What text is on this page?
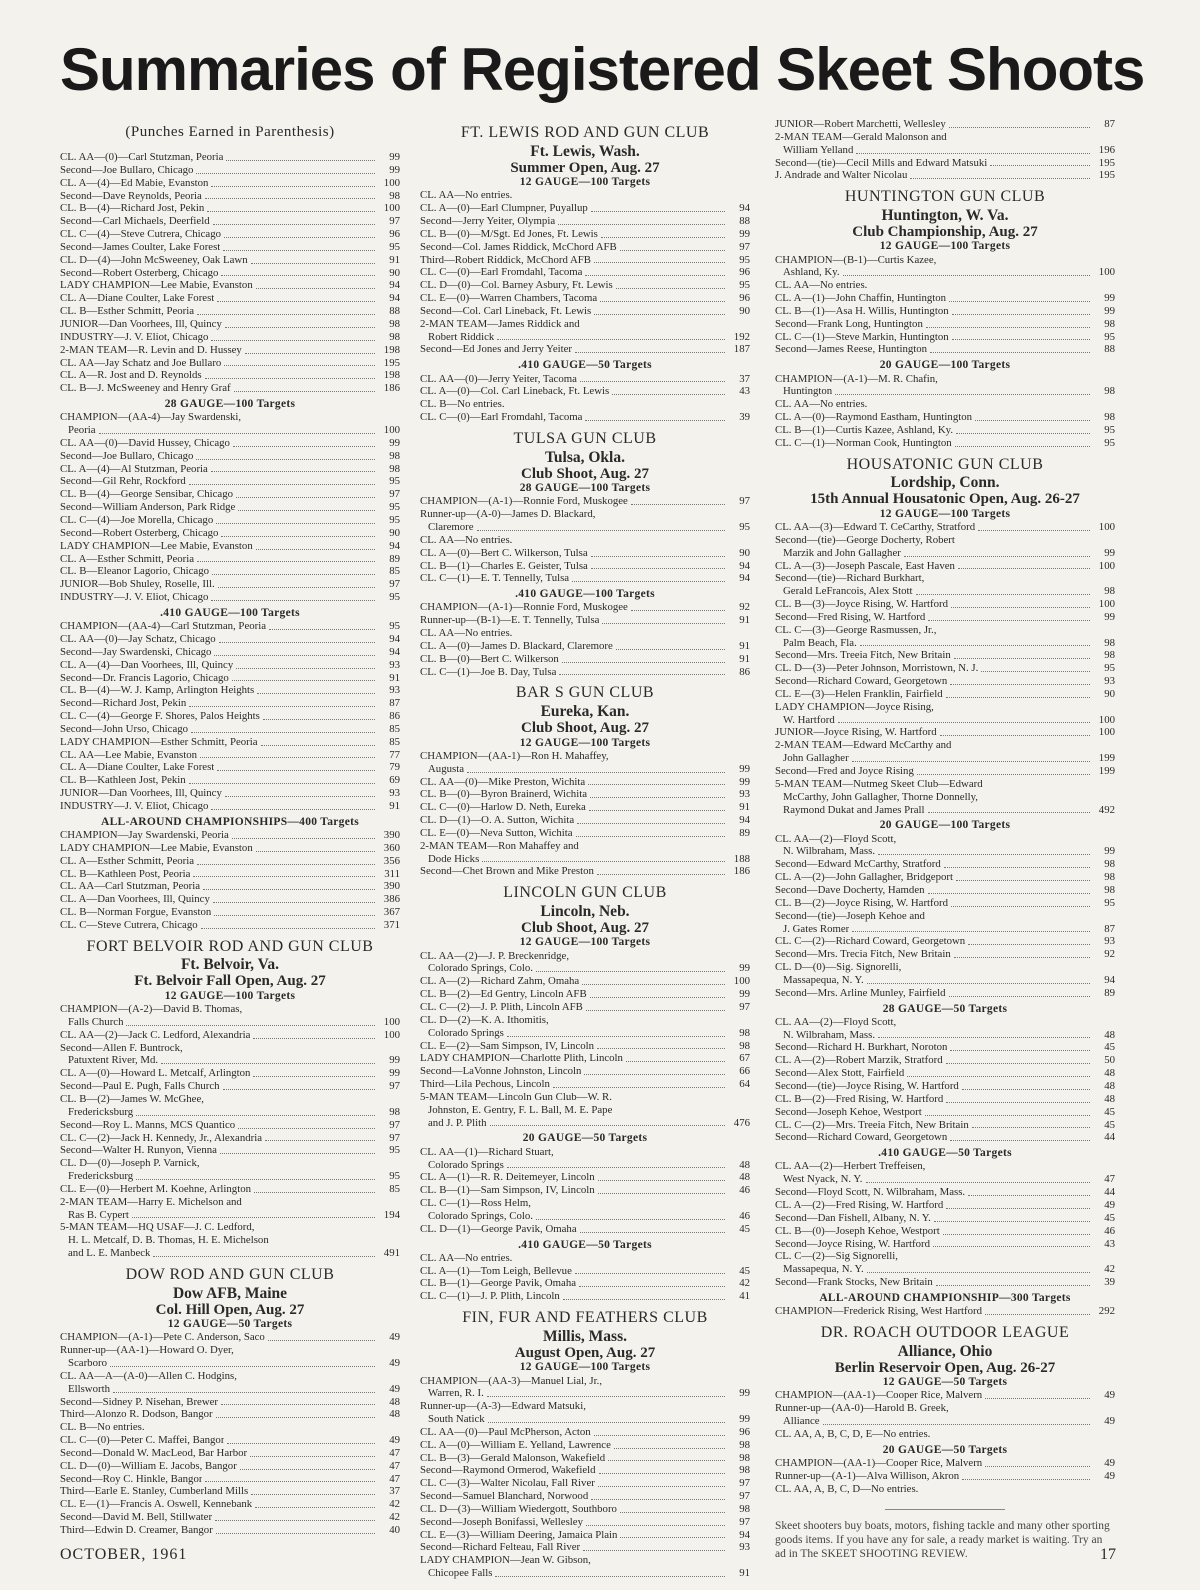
Summaries of Registered Skeet Shoots
(Punches Earned in Parenthesis)
CL. AA—(0)—Carl Stutzman, Peoria	99
Second—Joe Bullaro, Chicago	99
CL. A—(4)—Ed Mabie, Evanston	100
Second—Dave Reynolds, Peoria	98
CL. B—(4)—Richard Jost, Pekin	100
Second—Carl Michaels, Deerfield	97
CL. C—(4)—Steve Cutrera, Chicago	96
Second—James Coulter, Lake Forest	95
CL. D—(4)—John McSweeney, Oak Lawn	91
Second—Robert Osterberg, Chicago	90
LADY CHAMPION—Lee Mabie, Evanston	94
CL. A—Diane Coulter, Lake Forest	94
CL. B—Esther Schmitt, Peoria	88
JUNIOR—Dan Voorhees, Ill, Quincy	98
INDUSTRY—J. V. Eliot, Chicago	98
2-MAN TEAM—R. Levin and D. Hussey	198
CL. AA—Jay Schatz and Joe Bullaro	195
CL. A—R. Jost and D. Reynolds	198
CL. B—J. McSweeney and Henry Graf	186
28 GAUGE—100 Targets
CHAMPION—(AA-4)—Jay Swardenski,
Peoria	100
CL. AA—(0)—David Hussey, Chicago	99
Second—Joe Bullaro, Chicago	98
CL. A—(4)—Al Stutzman, Peoria	98
Second—Gil Rehr, Rockford	95
CL. B—(4)—George Sensibar, Chicago	97
Second—William Anderson, Park Ridge	95
CL. C—(4)—Joe Morella, Chicago	95
Second—Robert Osterberg, Chicago	90
LADY CHAMPION—Lee Mabie, Evanston	94
CL. A—Esther Schmitt, Peoria	89
CL. B—Eleanor Lagorio, Chicago	85
JUNIOR—Bob Shuley, Roselle, Ill.	97
INDUSTRY—J. V. Eliot, Chicago	95
.410 GAUGE—100 Targets
CHAMPION—(AA-4)—Carl Stutzman, Peoria	95
CL. AA—(0)—Jay Schatz, Chicago	94
Second—Jay Swardenski, Chicago	94
CL. A—(4)—Dan Voorhees, Ill, Quincy	93
Second—Dr. Francis Lagorio, Chicago	91
CL. B—(4)—W. J. Kamp, Arlington Heights	93
Second—Richard Jost, Pekin	87
CL. C—(4)—George F. Shores, Palos Heights	86
Second—John Urso, Chicago	85
LADY CHAMPION—Esther Schmitt, Peoria	85
CL. AA—Lee Mabie, Evanston	77
CL. A—Diane Coulter, Lake Forest	79
CL. B—Kathleen Jost, Pekin	69
JUNIOR—Dan Voorhees, Ill, Quincy	93
INDUSTRY—J. V. Eliot, Chicago	91
ALL-AROUND CHAMPIONSHIPS—400 Targets
CHAMPION—Jay Swardenski, Peoria	390
LADY CHAMPION—Lee Mabie, Evanston	360
CL. A—Esther Schmitt, Peoria	356
CL. B—Kathleen Post, Peoria	311
CL. AA—Carl Stutzman, Peoria	390
CL. A—Dan Voorhees, Ill, Quincy	386
CL. B—Norman Forgue, Evanston	367
CL. C—Steve Cutrera, Chicago	371
FORT BELVOIR ROD AND GUN CLUB
Ft. Belvoir, Va.
Ft. Belvoir Fall Open, Aug. 27
12 GAUGE—100 Targets
CHAMPION—(A-2)—David B. Thomas,
Falls Church	100
CL. AA—(2)—Jack C. Ledford, Alexandria	100
Second—Allen F. Buntrock,
Patuxtent River, Md.	99
CL. A—(0)—Howard L. Metcalf, Arlington	99
Second—Paul E. Pugh, Falls Church	97
CL. B—(2)—James W. McGhee,
Fredericksburg	98
Second—Roy L. Manns, MCS Quantico	97
CL. C—(2)—Jack H. Kennedy, Jr., Alexandria	97
Second—Walter H. Runyon, Vienna	95
CL. D—(0)—Joseph P. Varnick,
Fredericksburg	95
CL. E—(0)—Herbert M. Koehne, Arlington	85
2-MAN TEAM—Harry E. Michelson and
Ras B. Cypert	194
5-MAN TEAM—HQ USAF—J. C. Ledford,
H. L. Metcalf, D. B. Thomas, H. E. Michelson
and L. E. Manbeck	491
DOW ROD AND GUN CLUB
Dow AFB, Maine
Col. Hill Open, Aug. 27
12 GAUGE—50 Targets
CHAMPION—(A-1)—Pete C. Anderson, Saco	49
Runner-up—(AA-1)—Howard O. Dyer,
Scarboro	49
CL. AA—A—(A-0)—Allen C. Hodgins,
Ellsworth	49
Second—Sidney P. Nisehan, Brewer	48
Third—Alonzo R. Dodson, Bangor	48
CL. B—No entries.
CL. C—(0)—Peter C. Maffei, Bangor	49
Second—Donald W. MacLeod, Bar Harbor	47
CL. D—(0)—William E. Jacobs, Bangor	47
Second—Roy C. Hinkle, Bangor	47
Third—Earle E. Stanley, Cumberland Mills	37
CL. E—(1)—Francis A. Oswell, Kennebank	42
Second—David M. Bell, Stillwater	42
Third—Edwin D. Creamer, Bangor	40
FT. LEWIS ROD AND GUN CLUB
Ft. Lewis, Wash.
Summer Open, Aug. 27
12 GAUGE—100 Targets
CL. AA—No entries.
CL. A—(0)—Earl Clumpner, Puyallup	94
Second—Jerry Yeiter, Olympia	88
CL. B—(0)—M/Sgt. Ed Jones, Ft. Lewis	99
Second—Col. James Riddick, McChord AFB	97
Third—Robert Riddick, McChord AFB	95
CL. C—(0)—Earl Fromdahl, Tacoma	96
CL. D—(0)—Col. Barney Asbury, Ft. Lewis	95
CL. E—(0)—Warren Chambers, Tacoma	96
Second—Col. Carl Lineback, Ft. Lewis	90
2-MAN TEAM—James Riddick and
Robert Riddick	192
Second—Ed Jones and Jerry Yeiter	187
.410 GAUGE—50 Targets
CL. AA—(0)—Jerry Yeiter, Tacoma	37
CL. A—(0)—Col. Carl Lineback, Ft. Lewis	43
CL. B—No entries.
CL. C—(0)—Earl Fromdahl, Tacoma	39
TULSA GUN CLUB
Tulsa, Okla.
Club Shoot, Aug. 27
28 GAUGE—100 Targets
CHAMPION—(A-1)—Ronnie Ford, Muskogee	97
Runner-up—(A-0)—James D. Blackard,
Claremore	95
CL. AA—No entries.
CL. A—(0)—Bert C. Wilkerson, Tulsa	90
CL. B—(1)—Charles E. Geister, Tulsa	94
CL. C—(1)—E. T. Tennelly, Tulsa	94
.410 GAUGE—100 Targets
CHAMPION—(A-1)—Ronnie Ford, Muskogee	92
Runner-up—(B-1)—E. T. Tennelly, Tulsa	91
CL. AA—No entries.
CL. A—(0)—James D. Blackard, Claremore	91
CL. B—(0)—Bert C. Wilkerson	91
CL. C—(1)—Joe B. Day, Tulsa	86
BAR S GUN CLUB
Eureka, Kan.
Club Shoot, Aug. 27
12 GAUGE—100 Targets
CHAMPION—(AA-1)—Ron H. Mahaffey,
Augusta	99
CL. AA—(0)—Mike Preston, Wichita	99
CL. B—(0)—Byron Brainerd, Wichita	93
CL. C—(0)—Harlow D. Neth, Eureka	91
CL. D—(1)—O. A. Sutton, Wichita	94
CL. E—(0)—Neva Sutton, Wichita	89
2-MAN TEAM—Ron Mahaffey and
Dode Hicks	188
Second—Chet Brown and Mike Preston	186
LINCOLN GUN CLUB
Lincoln, Neb.
Club Shoot, Aug. 27
12 GAUGE—100 Targets
CL. AA—(2)—J. P. Breckenridge,
Colorado Springs, Colo.	99
CL. A—(2)—Richard Zahm, Omaha	100
CL. B—(2)—Ed Gentry, Lincoln AFB	99
CL. C—(2)—J. P. Plith, Lincoln AFB	97
CL. D—(2)—K. A. Ithomitis,
Colorado Springs	98
CL. E—(2)—Sam Simpson, IV, Lincoln	98
LADY CHAMPION—Charlotte Plith, Lincoln	67
Second—LaVonne Johnston, Lincoln	66
Third—Lila Pechous, Lincoln	64
5-MAN TEAM—Lincoln Gun Club—W. R.
Johnston, E. Gentry, F. L. Ball, M. E. Pape
and J. P. Plith	476
20 GAUGE—50 Targets
CL. AA—(1)—Richard Stuart,
Colorado Springs	48
CL. A—(1)—R. R. Deitemeyer, Lincoln	48
CL. B—(1)—Sam Simpson, IV, Lincoln	46
CL. C—(1)—Ross Helm,
Colorado Springs, Colo.	46
CL. D—(1)—George Pavik, Omaha	45
.410 GAUGE—50 Targets
CL. AA—No entries.
CL. A—(1)—Tom Leigh, Bellevue	45
CL. B—(1)—George Pavik, Omaha	42
CL. C—(1)—J. P. Plith, Lincoln	41
FIN, FUR AND FEATHERS CLUB
Millis, Mass.
August Open, Aug. 27
12 GAUGE—100 Targets
CHAMPION—(AA-3)—Manuel Lial, Jr.,
Warren, R. I.	99
Runner-up—(A-3)—Edward Matsuki,
South Natick	99
CL. AA—(0)—Paul McPherson, Acton	96
CL. A—(0)—William E. Yelland, Lawrence	98
CL. B—(3)—Gerald Malonson, Wakefield	98
Second—Raymond Ormerod, Wakefield	98
CL. C—(3)—Walter Nicolau, Fall River	97
Second—Samuel Blanchard, Norwood	97
CL. D—(3)—William Wiedergott, Southboro	98
Second—Joseph Bonifassi, Wellesley	97
CL. E—(3)—William Deering, Jamaica Plain	94
Second—Richard Felteau, Fall River	93
LADY CHAMPION—Jean W. Gibson,
Chicopee Falls	91
JUNIOR—Robert Marchetti, Wellesley	87
2-MAN TEAM—Gerald Malonson and
William Yelland	196
Second—(tie)—Cecil Mills and Edward Matsuki	195
J. Andrade and Walter Nicolau	195
HUNTINGTON GUN CLUB
Huntington, W. Va.
Club Championship, Aug. 27
12 GAUGE—100 Targets
CHAMPION—(B-1)—Curtis Kazee,
Ashland, Ky.	100
CL. AA—No entries.
CL. A—(1)—John Chaffin, Huntington	99
CL. B—(1)—Asa H. Willis, Huntington	99
Second—Frank Long, Huntington	98
CL. C—(1)—Steve Markin, Huntington	95
Second—James Reese, Huntington	88
20 GAUGE—100 Targets
CHAMPION—(A-1)—M. R. Chafin,
Huntington	98
CL. AA—No entries.
CL. A—(0)—Raymond Eastham, Huntington	98
CL. B—(1)—Curtis Kazee, Ashland, Ky.	95
CL. C—(1)—Norman Cook, Huntington	95
HOUSATONIC GUN CLUB
Lordship, Conn.
15th Annual Housatonic Open, Aug. 26-27
12 GAUGE—100 Targets
CL. AA—(3)—Edward T. CeCarthy, Stratford	100
Second—(tie)—George Docherty, Robert
Marzik and John Gallagher	99
CL. A—(3)—Joseph Pascale, East Haven	100
Second—(tie)—Richard Burkhart,
Gerald LeFrancois, Alex Stott	98
CL. B—(3)—Joyce Rising, W. Hartford	100
Second—Fred Rising, W. Hartford	99
CL. C—(3)—George Rasmussen, Jr.,
Palm Beach, Fla.	98
Second—Mrs. Treeia Fitch, New Britain	98
CL. D—(3)—Peter Johnson, Morristown, N. J.	95
Second—Richard Coward, Georgetown	93
CL. E—(3)—Helen Franklin, Fairfield	90
LADY CHAMPION—Joyce Rising,
W. Hartford	100
JUNIOR—Joyce Rising, W. Hartford	100
2-MAN TEAM—Edward McCarthy and
John Gallagher	199
Second—Fred and Joyce Rising	199
5-MAN TEAM—Nutmeg Skeet Club—Edward
McCarthy, John Gallagher, Thorne Donnelly,
Raymond Dukat and James Prall	492
20 GAUGE—100 Targets
CL. AA—(2)—Floyd Scott,
N. Wilbraham, Mass.	99
Second—Edward McCarthy, Stratford	98
CL. A—(2)—John Gallagher, Bridgeport	98
Second—Dave Docherty, Hamden	98
CL. B—(2)—Joyce Rising, W. Hartford	95
Second—(tie)—Joseph Kehoe and
J. Gates Romer	87
CL. C—(2)—Richard Coward, Georgetown	93
Second—Mrs. Trecia Fitch, New Britain	92
CL. D—(0)—Sig. Signorelli,
Massapequa, N. Y.	94
Second—Mrs. Arline Munley, Fairfield	89
28 GAUGE—50 Targets
CL. AA—(2)—Floyd Scott,
N. Wilbraham, Mass.	48
Second—Richard H. Burkhart, Noroton	45
CL. A—(2)—Robert Marzik, Stratford	50
Second—Alex Stott, Fairfield	48
Second—(tie)—Joyce Rising, W. Hartford	48
CL. B—(2)—Fred Rising, W. Hartford	48
Second—Joseph Kehoe, Westport	45
CL. C—(2)—Mrs. Treeia Fitch, New Britain	45
Second—Richard Coward, Georgetown	44
.410 GAUGE—50 Targets
CL. AA—(2)—Herbert Treffeisen,
West Nyack, N. Y.	47
Second—Floyd Scott, N. Wilbraham, Mass.	44
CL. A—(2)—Fred Rising, W. Hartford	49
Second—Dan Fishell, Albany, N. Y.	45
CL. B—(0)—Joseph Kehoe, Westport	46
Second—Joyce Rising, W. Hartford	43
CL. C—(2)—Sig Signorelli,
Massapequa, N. Y.	42
Second—Frank Stocks, New Britain	39
ALL-AROUND CHAMPIONSHIP—300 Targets
CHAMPION—Frederick Rising, West Hartford	292
DR. ROACH OUTDOOR LEAGUE
Alliance, Ohio
Berlin Reservoir Open, Aug. 26-27
12 GAUGE—50 Targets
CHAMPION—(AA-1)—Cooper Rice, Malvern	49
Runner-up—(AA-0)—Harold B. Greek,
Alliance	49
CL. AA, A, B, C, D, E—No entries.
20 GAUGE—50 Targets
CHAMPION—(AA-1)—Cooper Rice, Malvern	49
Runner-up—(A-1)—Alva Willison, Akron	49
CL. AA, A, B, C, D—No entries.
Skeet shooters buy boats, motors, fishing tackle and many other sporting goods items. If you have any for sale, a ready market is waiting. Try an ad in The SKEET SHOOTING REVIEW.
OCTOBER, 1961	17
